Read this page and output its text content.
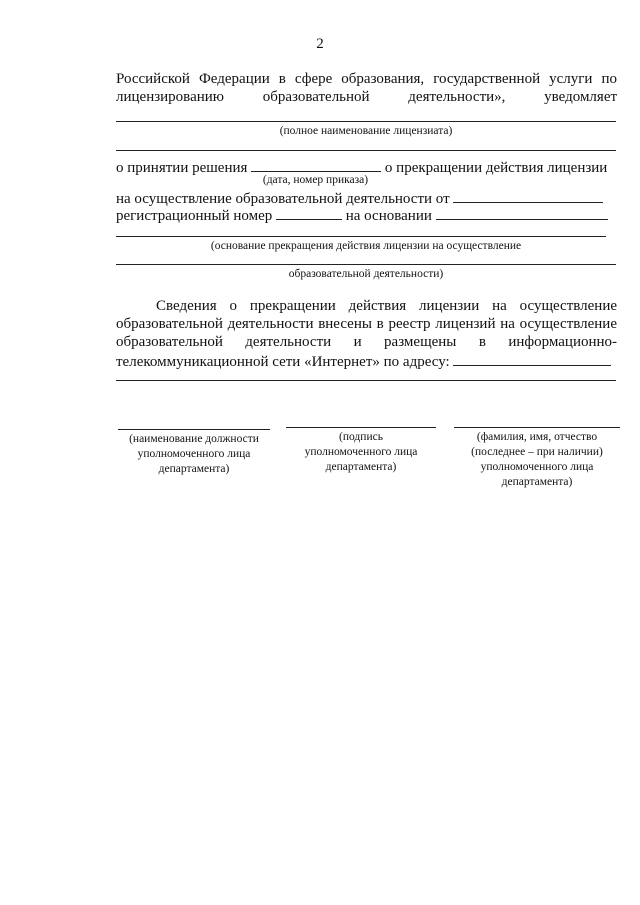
2
Российской Федерации в сфере образования, государственной услуги по
лицензированию	образовательной	деятельности»,	уведомляет
(полное наименование лицензиата)
о принятии решения	о прекращении действия лицензии
(дата, номер приказа)
на осуществление образовательной деятельности от
регистрационный номер	на основании
(основание прекращения действия лицензии на осуществление
образовательной деятельности)
Сведения о прекращении действия лицензии на осуществление
образовательной деятельности внесены в реестр лицензий на осуществление
образовательной деятельности и размещены в информационно-
телекоммуникационной сети «Интернет» по адресу:
(наименование должности
уполномоченного лица
департамента)
(подпись
уполномоченного лица
департамента)
(фамилия, имя, отчество
(последнее – при наличии)
уполномоченного лица
департамента)
